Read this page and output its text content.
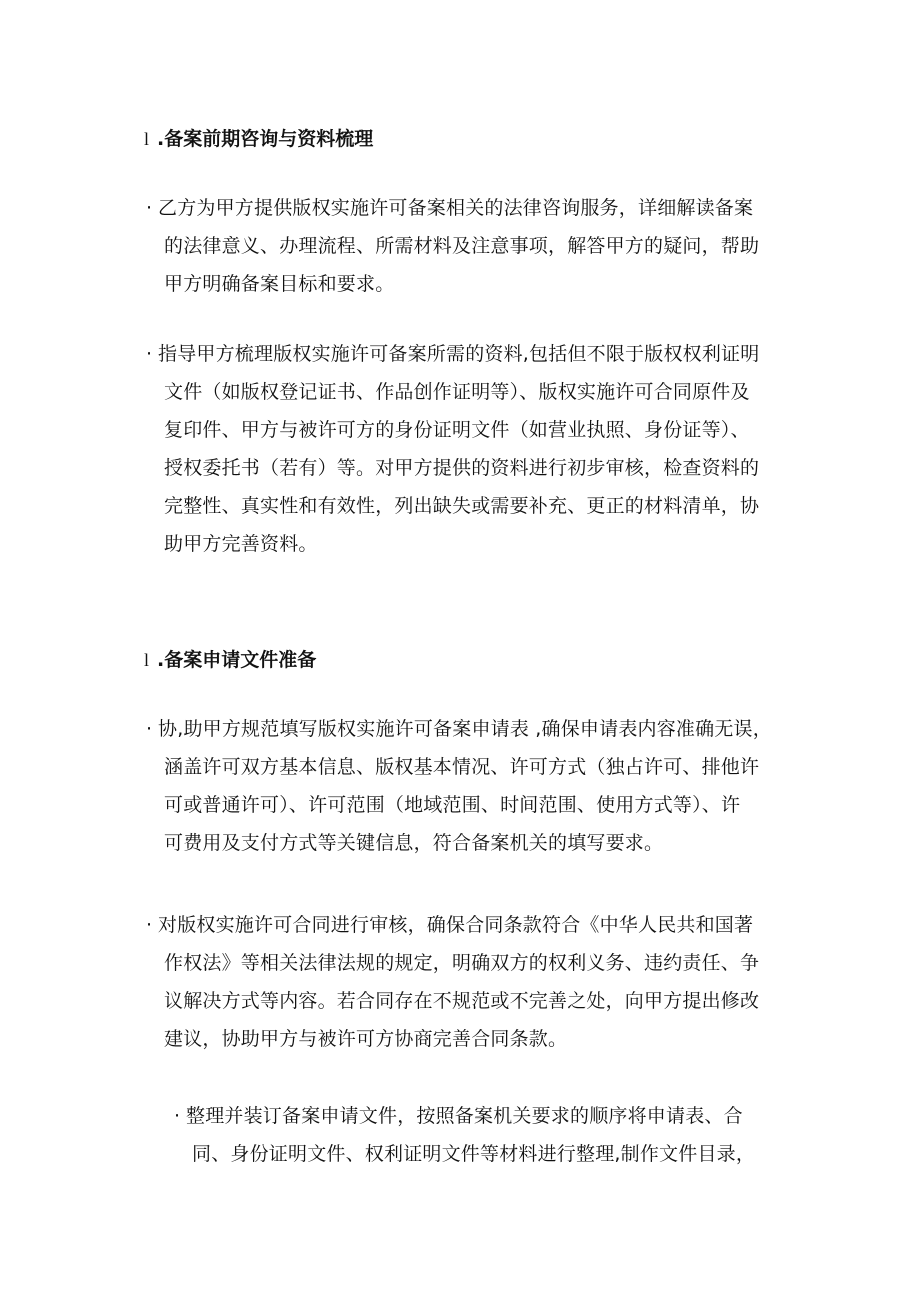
l .备案前期咨询与资料梳理
· 乙方为甲方提供版权实施许可备案相关的法律咨询服务，详细解读备案
的法律意义、办理流程、所需材料及注意事项，解答甲方的疑问，帮助
甲方明确备案目标和要求。
· 指导甲方梳理版权实施许可备案所需的资料,包括但不限于版权权利证明
文件（如版权登记证书、作品创作证明等）、版权实施许可合同原件及
复印件、甲方与被许可方的身份证明文件（如营业执照、身份证等）、
授权委托书（若有）等。对甲方提供的资料进行初步审核，检查资料的
完整性、真实性和有效性，列出缺失或需要补充、更正的材料清单，协
助甲方完善资料。
l .备案申请文件准备
· 协,助甲方规范填写版权实施许可备案申请表 ,确保申请表内容准确无误，
涵盖许可双方基本信息、版权基本情况、许可方式（独占许可、排他许
可或普通许可）、许可范围（地域范围、时间范围、使用方式等）、许
可费用及支付方式等关键信息，符合备案机关的填写要求。
· 对版权实施许可合同进行审核，确保合同条款符合《中华人民共和国著
作权法》等相关法律法规的规定，明确双方的权利义务、违约责任、争
议解决方式等内容。若合同存在不规范或不完善之处，向甲方提出修改
建议，协助甲方与被许可方协商完善合同条款。
· 整理并装订备案申请文件，按照备案机关要求的顺序将申请表、合
同、身份证明文件、权利证明文件等材料进行整理,制作文件目录，
